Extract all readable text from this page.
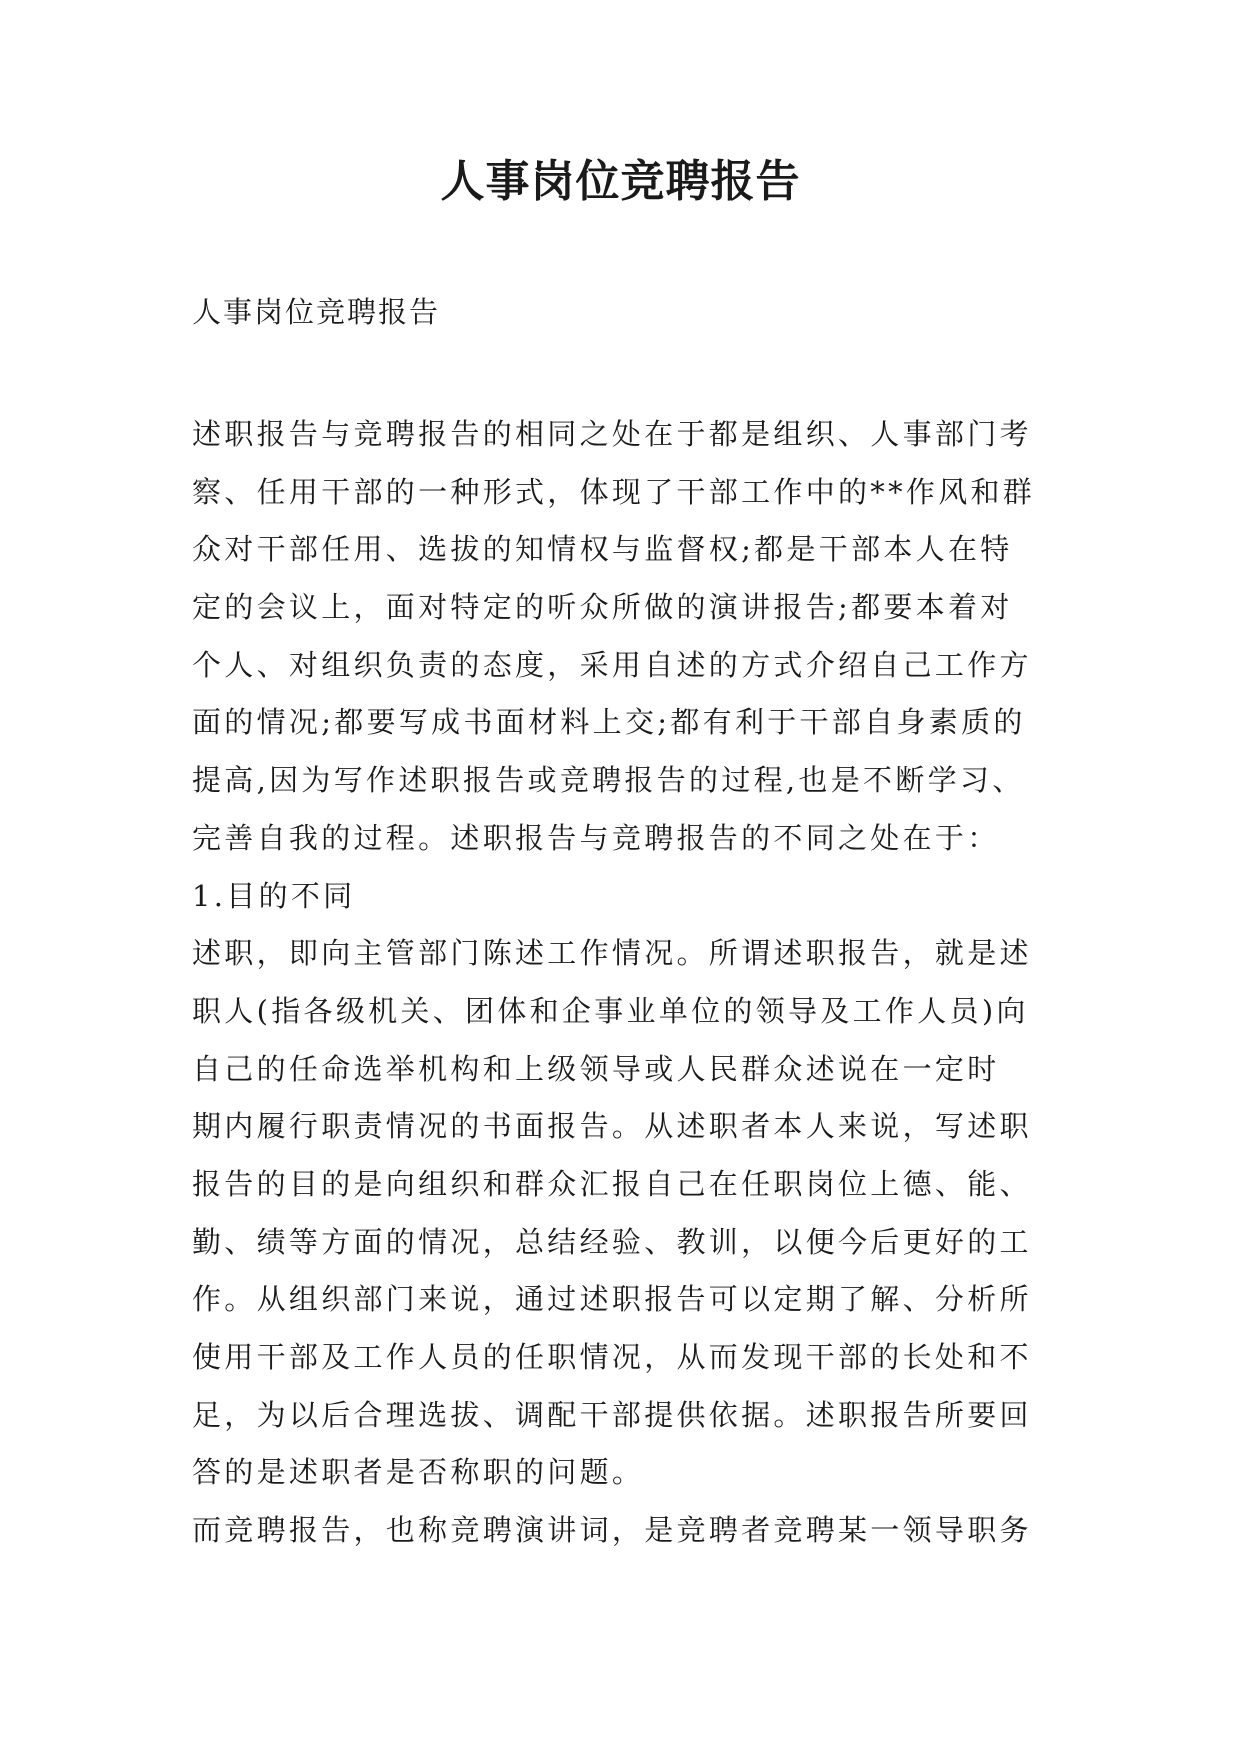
人事岗位竞聘报告

人事岗位竞聘报告

述职报告与竞聘报告的相同之处在于都是组织、人事部门考
察、任用干部的一种形式，体现了干部工作中的**作风和群
众对干部任用、选拔的知情权与监督权;都是干部本人在特
定的会议上，面对特定的听众所做的演讲报告;都要本着对
个人、对组织负责的态度，采用自述的方式介绍自己工作方
面的情况;都要写成书面材料上交;都有利于干部自身素质的
提高,因为写作述职报告或竞聘报告的过程,也是不断学习、
完善自我的过程。述职报告与竞聘报告的不同之处在于：
1.目的不同
述职，即向主管部门陈述工作情况。所谓述职报告，就是述
职人(指各级机关、团体和企事业单位的领导及工作人员)向
自己的任命选举机构和上级领导或人民群众述说在一定时
期内履行职责情况的书面报告。从述职者本人来说，写述职
报告的目的是向组织和群众汇报自己在任职岗位上德、能、
勤、绩等方面的情况，总结经验、教训，以便今后更好的工
作。从组织部门来说，通过述职报告可以定期了解、分析所
使用干部及工作人员的任职情况，从而发现干部的长处和不
足，为以后合理选拔、调配干部提供依据。述职报告所要回
答的是述职者是否称职的问题。
而竞聘报告，也称竞聘演讲词，是竞聘者竞聘某一领导职务
